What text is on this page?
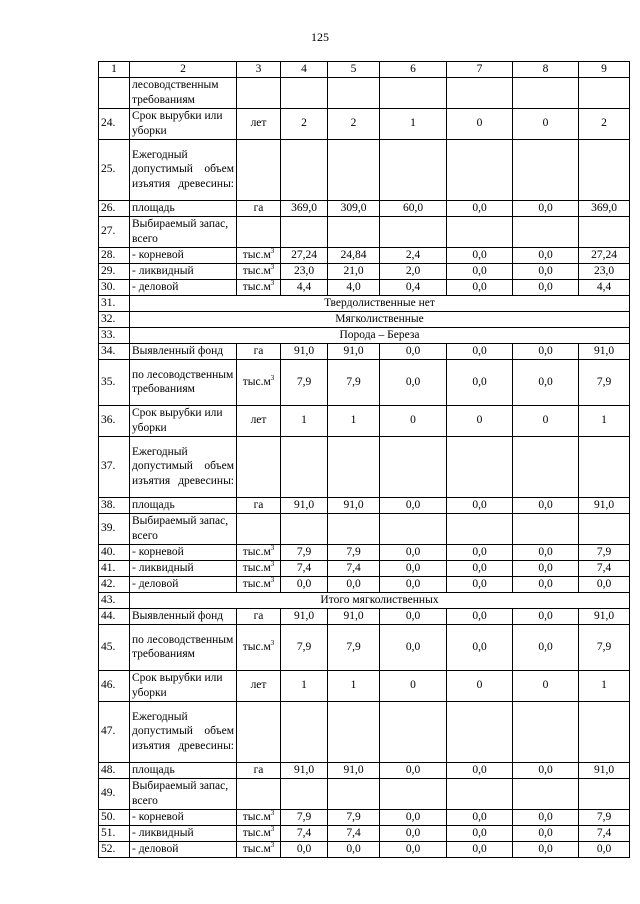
125
1	2	3	4	5	6	7	8	9
	лесоводственным требованиям							
24.	Срок вырубки или уборки	лет	2	2	1	0	0	2
25.	Ежегодный допустимый объем изъятия древесины:							
26.	площадь	га	369,0	309,0	60,0	0,0	0,0	369,0
27.	Выбираемый запас, всего							
28.	- корневой	$тыс.м^3$	27,24	24,84	2,4	0,0	0,0	27,24
29.	- ликвидный	$тыс.м^3$	23,0	21,0	2,0	0,0	0,0	23,0
30.	- деловой	$тыс.м^3$	4,4	4,0	0,4	0,0	0,0	4,4
31.	Твердолиственные нет							
32.	Мягколиственные							
33.	Порода – Береза							
34.	Выявленный фонд	га	91,0	91,0	0,0	0,0	0,0	91,0
35.	по лесоводственным требованиям	$тыс.м^3$	7,9	7,9	0,0	0,0	0,0	7,9
36.	Срок вырубки или уборки	лет	1	1	0	0	0	1
37.	Ежегодный допустимый объем изъятия древесины:							
38.	площадь	га	91,0	91,0	0,0	0,0	0,0	91,0
39.	Выбираемый запас, всего							
40.	- корневой	$тыс.м^3$	7,9	7,9	0,0	0,0	0,0	7,9
41.	- ликвидный	$тыс.м^3$	7,4	7,4	0,0	0,0	0,0	7,4
42.	- деловой	$тыс.м^3$	0,0	0,0	0,0	0,0	0,0	0,0
43.	Итого мягколиственных							
44.	Выявленный фонд	га	91,0	91,0	0,0	0,0	0,0	91,0
45.	по лесоводственным требованиям	$тыс.м^3$	7,9	7,9	0,0	0,0	0,0	7,9
46.	Срок вырубки или уборки	лет	1	1	0	0	0	1
47.	Ежегодный допустимый объем изъятия древесины:							
48.	площадь	га	91,0	91,0	0,0	0,0	0,0	91,0
49.	Выбираемый запас, всего							
50.	- корневой	$тыс.м^3$	7,9	7,9	0,0	0,0	0,0	7,9
51.	- ликвидный	$тыс.м^3$	7,4	7,4	0,0	0,0	0,0	7,4
52.	- деловой	$тыс.м^3$	0,0	0,0	0,0	0,0	0,0	0,0
